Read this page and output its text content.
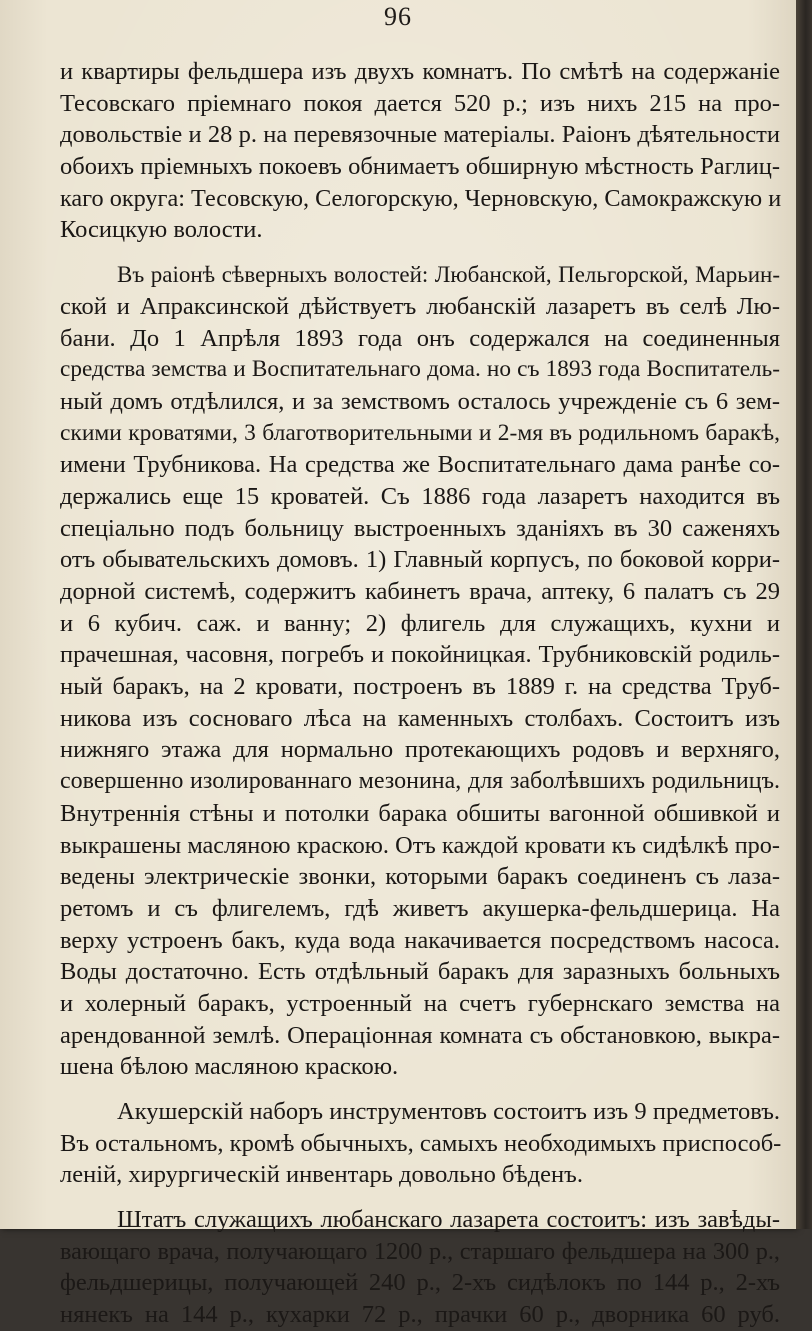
96
и квартиры фельдшера изъ двухъ комнатъ. По смѣтѣ на содержаніе
Тесовскаго пріемнаго покоя дается 520 р.; изъ нихъ 215 на про-
довольствіе и 28 р. на перевязочные матеріалы. Раіонъ дѣятельности
обоихъ пріемныхъ покоевъ обнимаетъ обширную мѣстность Раглиц-
каго округа: Тесовскую, Селогорскую, Черновскую, Самокражскую и
Косицкую волости.
Въ раіонѣ сѣверныхъ волостей: Любанской, Пельгорской, Марьин-
ской и Апраксинской дѣйствуетъ любанскій лазаретъ въ селѣ Лю-
бани. До 1 Апрѣля 1893 года онъ содержался на соединенныя
средства земства и Воспитательнаго дома. но съ 1893 года Воспитатель-
ный домъ отдѣлился, и за земствомъ осталось учрежденіе съ 6 зем-
скими кроватями, 3 благотворительными и 2-мя въ родильномъ баракѣ,
имени Трубникова. На средства же Воспитательнаго дама ранѣе со-
держались еще 15 кроватей. Съ 1886 года лазаретъ находится въ
спеціально подъ больницу выстроенныхъ зданіяхъ въ 30 саженяхъ
отъ обывательскихъ домовъ. 1) Главный корпусъ, по боковой корри-
дорной системѣ, содержитъ кабинетъ врача, аптеку, 6 палатъ съ 29
и 6 кубич. саж. и ванну; 2) флигель для служащихъ, кухни и
прачешная, часовня, погребъ и покойницкая. Трубниковскій родиль-
ный баракъ, на 2 кровати, построенъ въ 1889 г. на средства Труб-
никова изъ сосноваго лѣса на каменныхъ столбахъ. Состоитъ изъ
нижняго этажа для нормально протекающихъ родовъ и верхняго,
совершенно изолированнаго мезонина, для заболѣвшихъ родильницъ.
Внутреннія стѣны и потолки барака обшиты вагонной обшивкой и
выкрашены масляною краскою. Отъ каждой кровати къ сидѣлкѣ про-
ведены электрическіе звонки, которыми баракъ соединенъ съ лаза-
ретомъ и съ флигелемъ, гдѣ живетъ акушерка-фельдшерица. На
верху устроенъ бакъ, куда вода накачивается посредствомъ насоса.
Воды достаточно. Есть отдѣльный баракъ для заразныхъ больныхъ
и холерный баракъ, устроенный на счетъ губернскаго земства на
арендованной землѣ. Операціонная комната съ обстановкою, выкра-
шена бѣлою масляною краскою.
Акушерскій наборъ инструментовъ состоитъ изъ 9 предметовъ.
Въ остальномъ, кромѣ обычныхъ, самыхъ необходимыхъ приспособ-
леній, хирургическій инвентарь довольно бѣденъ.
Штатъ служащихъ любанскаго лазарета состоитъ: изъ завѣды-
вающаго врача, получающаго 1200 р., старшаго фельдшера на 300 р.,
фельдшерицы, получающей 240 р., 2-хъ сидѣлокъ по 144 р., 2-хъ
нянекъ на 144 р., кухарки 72 р., прачки 60 р., дворника 60 руб.
